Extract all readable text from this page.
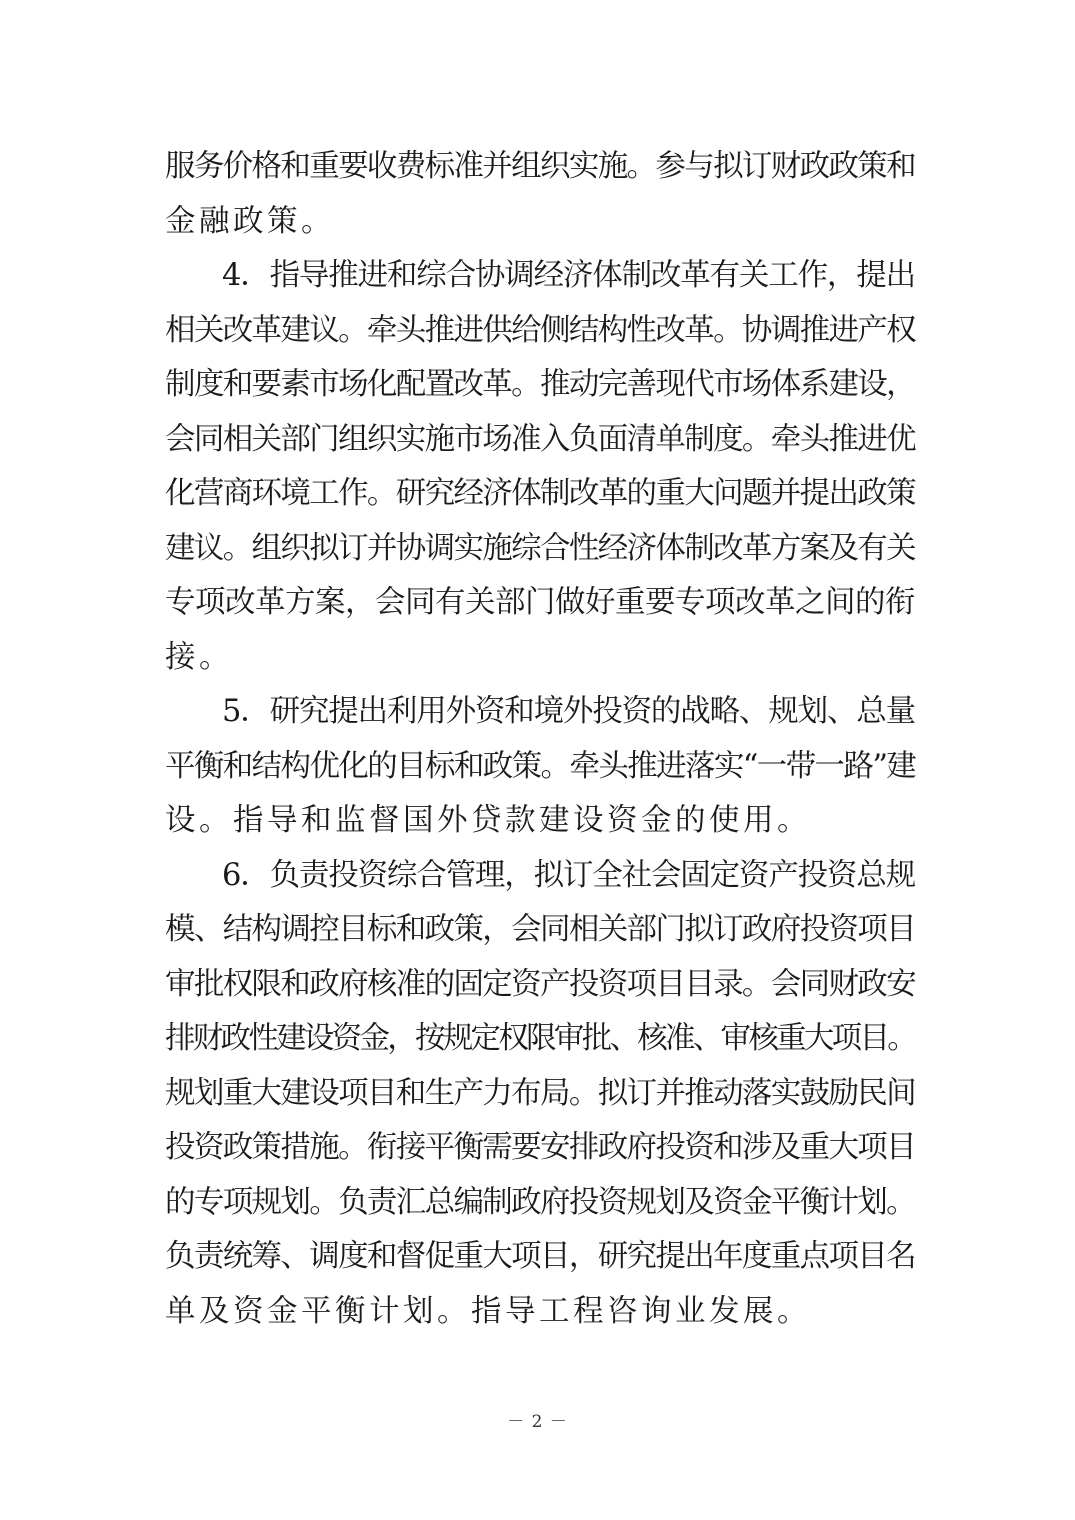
服务价格和重要收费标准并组织实施。参与拟订财政政策和
金融政策。
4．指导推进和综合协调经济体制改革有关工作，提出
相关改革建议。牵头推进供给侧结构性改革。协调推进产权
制度和要素市场化配置改革。推动完善现代市场体系建设，
会同相关部门组织实施市场准入负面清单制度。牵头推进优
化营商环境工作。研究经济体制改革的重大问题并提出政策
建议。组织拟订并协调实施综合性经济体制改革方案及有关
专项改革方案，会同有关部门做好重要专项改革之间的衔
接。
5．研究提出利用外资和境外投资的战略、规划、总量
平衡和结构优化的目标和政策。牵头推进落实“一带一路”建
设。指导和监督国外贷款建设资金的使用。
6．负责投资综合管理，拟订全社会固定资产投资总规
模、结构调控目标和政策，会同相关部门拟订政府投资项目
审批权限和政府核准的固定资产投资项目目录。会同财政安
排财政性建设资金，按规定权限审批、核准、审核重大项目。
规划重大建设项目和生产力布局。拟订并推动落实鼓励民间
投资政策措施。衔接平衡需要安排政府投资和涉及重大项目
的专项规划。负责汇总编制政府投资规划及资金平衡计划。
负责统筹、调度和督促重大项目，研究提出年度重点项目名
单及资金平衡计划。指导工程咨询业发展。
－ 2 －
